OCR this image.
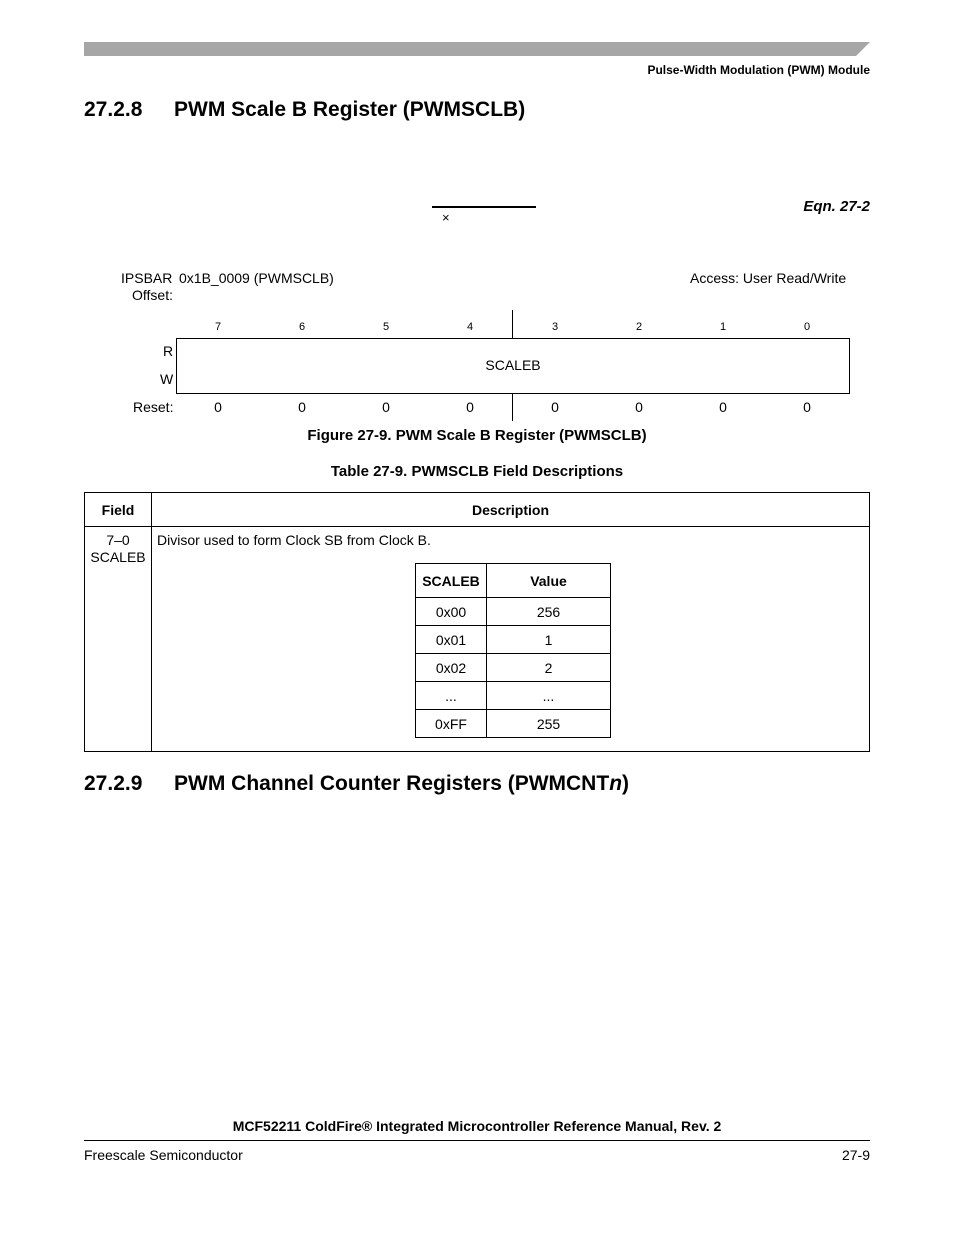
Pulse-Width Modulation (PWM) Module
27.2.8 PWM Scale B Register (PWMSCLB)
×
Eqn. 27-2
IPSBAR
Offset:
0x1B_0009 (PWMSCLB)	Access: User Read/Write
7	6	5	4	3	2	1	0
R
W
SCALEB
Reset:	0	0	0	0	0	0	0	0
Figure 27-9. PWM Scale B Register (PWMSCLB)
Table 27-9. PWMSCLB Field Descriptions
Field	Description

7–0
SCALEB	Divisor used to form Clock SB from Clock B.
SCALEB	Value
0x00	256
0x01	1
0x02	2
...	...
0xFF	255
27.2.9 PWM Channel Counter Registers (PWMCNTn)
MCF52211 ColdFire® Integrated Microcontroller Reference Manual, Rev. 2
Freescale Semiconductor	27-9
